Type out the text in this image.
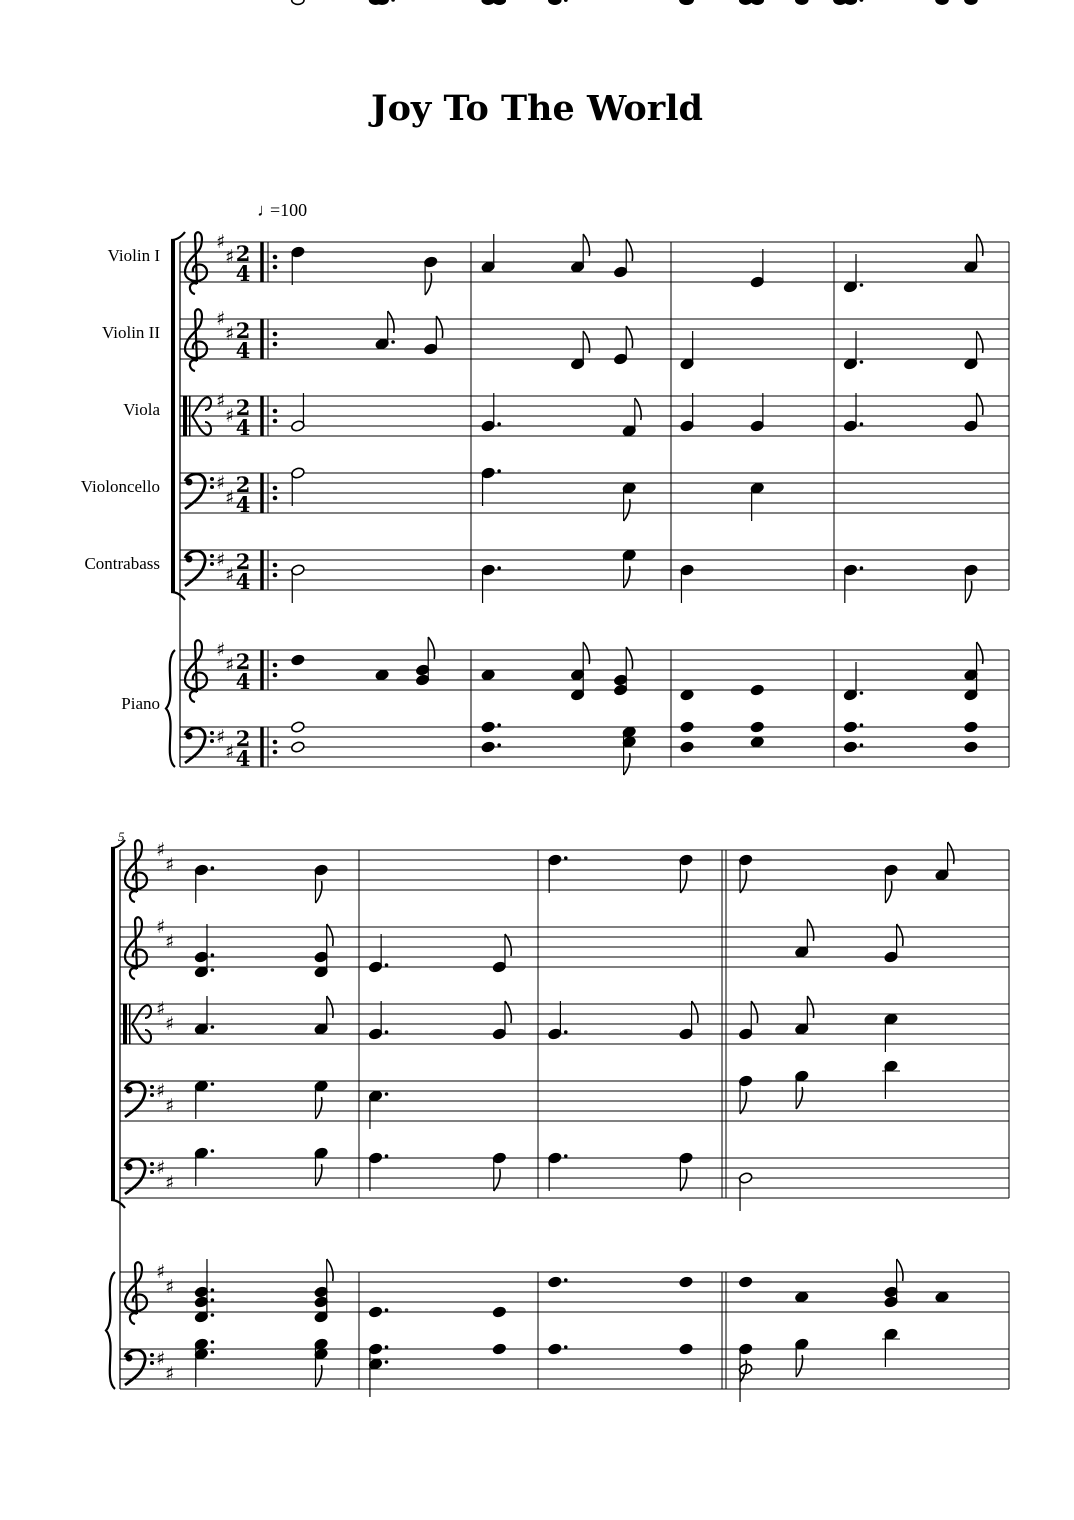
Joy To The World
♩
=100
5
Violin I
Violin II
Viola
Violoncello
Contrabass
Piano
♯
♯ 2
4
♯
♯ 2
4
♯
♯ 2
4
♯
♯
2
4
♯
♯
2
4
♯
♯ 2
4
♯
♯
2
4
♯
♯
♯
♯
♯
♯
♯
♯
♯
♯
♯
♯
♯
♯
